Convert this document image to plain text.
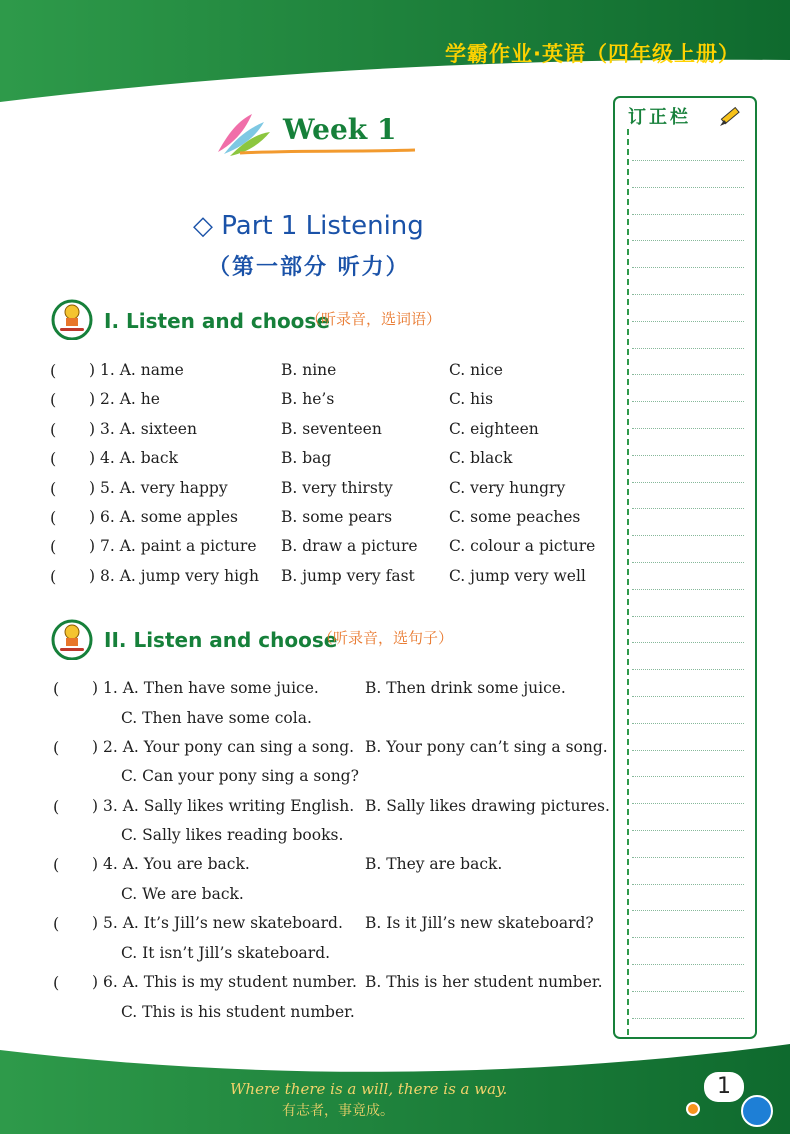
学霸作业·英语（四年级上册）
订正栏
Week 1
◇ Part 1 Listening
（第一部分 听力）
I. Listen and choose
（听录音，选词语）
( ) 1. A. name	B. nine	C. nice
( ) 2. A. he	B. he’s	C. his
( ) 3. A. sixteen	B. seventeen	C. eighteen
( ) 4. A. back	B. bag	C. black
( ) 5. A. very happy	B. very thirsty	C. very hungry
( ) 6. A. some apples	B. some pears	C. some peaches
( ) 7. A. paint a picture B. draw a picture C. colour a picture
( ) 8. A. jump very high B. jump very fast C. jump very well
II. Listen and choose
（听录音，选句子）
( ) 1. A. Then have some juice.	B. Then drink some juice.
C. Then have some cola.
( ) 2. A. Your pony can sing a song. B. Your pony can’t sing a song.
C. Can your pony sing a song?
( ) 3. A. Sally likes writing English. B. Sally likes drawing pictures.
C. Sally likes reading books.
( ) 4. A. You are back.	B. They are back.
C. We are back.
( ) 5. A. It’s Jill’s new skateboard. B. Is it Jill’s new skateboard?
C. It isn’t Jill’s skateboard.
( ) 6. A. This is my student number. B. This is her student number.
C. This is his student number.
Where there is a will, there is a way.
有志者，事竟成。
1
